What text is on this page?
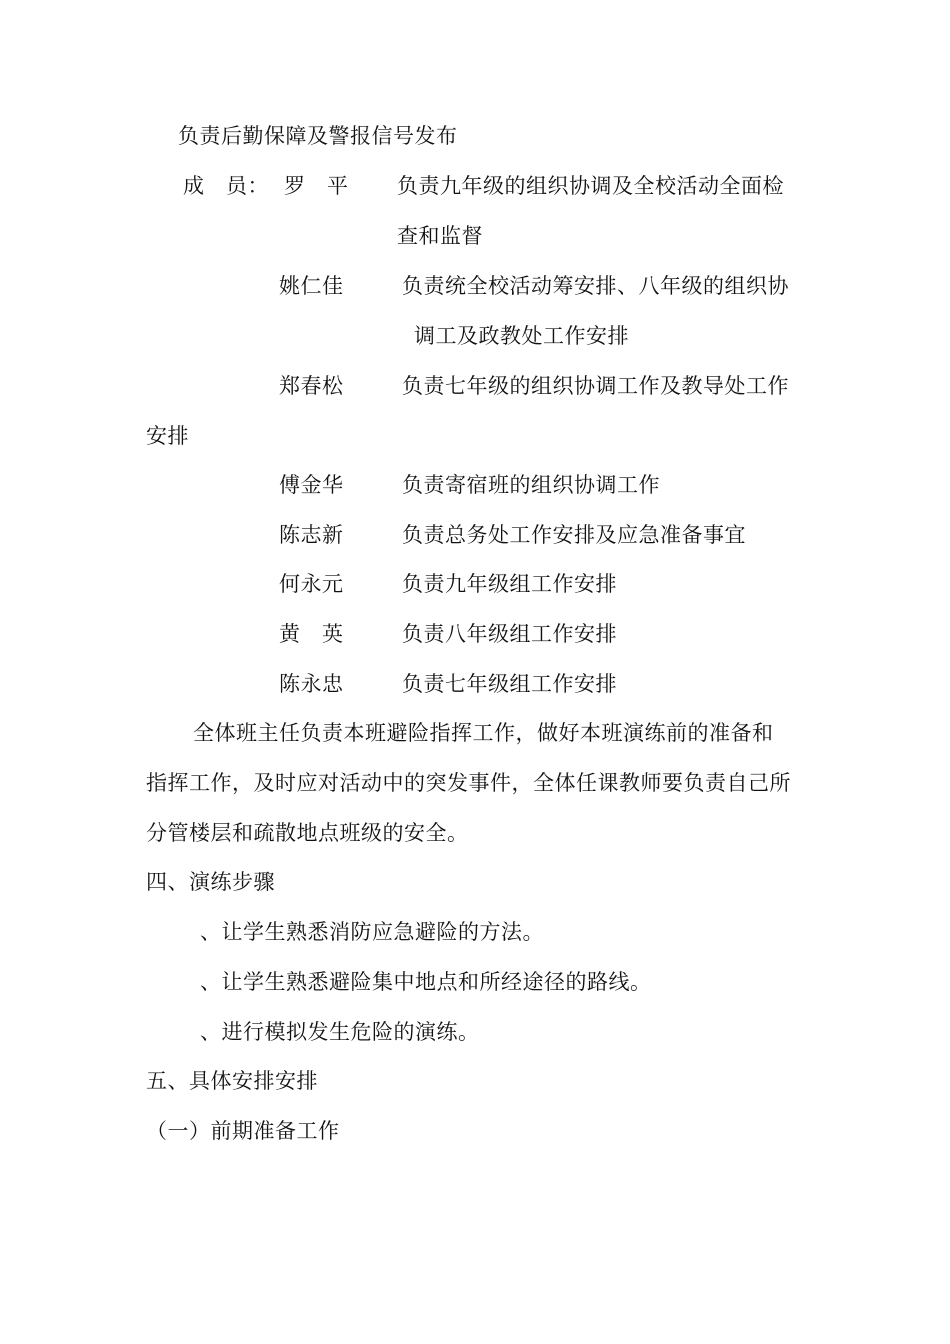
负责后勤保障及警报信号发布
成　员： 罗　平 负责九年级的组织协调及全校活动全面检
查和监督
姚仁佳	负责统全校活动筹安排、八年级的组织协
调工及政教处工作安排
郑春松	负责七年级的组织协调工作及教导处工作
安排
傅金华	负责寄宿班的组织协调工作
陈志新	负责总务处工作安排及应急准备事宜
何永元	负责九年级组工作安排
黄　英	负责八年级组工作安排
陈永忠	负责七年级组工作安排
全体班主任负责本班避险指挥工作，做好本班演练前的准备和
指挥工作，及时应对活动中的突发事件，全体任课教师要负责自己所
分管楼层和疏散地点班级的安全。
四、演练步骤
、让学生熟悉消防应急避险的方法。
、让学生熟悉避险集中地点和所经途径的路线。
、进行模拟发生危险的演练。
五、具体安排安排
（一）前期准备工作
